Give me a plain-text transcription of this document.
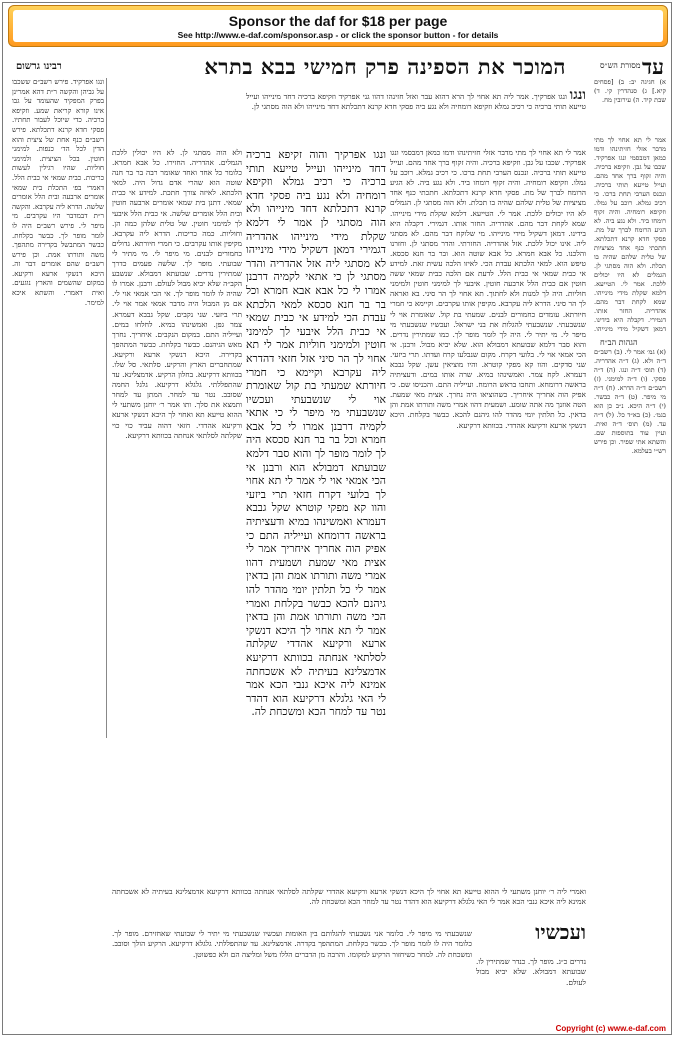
Sponsor the daf for $18 per page
See http://www.e-daf.com/sponsor.asp - or click the sponsor button - for details
עד
המוכר את הספינה פרק חמישי בבא בתרא
רבינו גרשום	מסורת הש״ס

א) חגיגה יב: ב) [פסחים קיא.] ג) סנהדרין קי. ד) שבת קיד. ה) עירובין מח.

אמר לי תא אחוי לך מתי מדבר אזלי חזיתינהו ודמו כמאן דמבסמי ונגו אפרקיד. שכבו על גבן. וזקיפא ברכיה. והיה זקוף ברך אחד מהם. ועייל טייעא תותי ברכיה. ונכנס הערבי תחת ברכו. כי רכיב גמלא. רוכב על גמלו. וזקיפא רומחיה. והיה זקוף רומחו ביד. ולא נגע ביה. לא הגיע הרומח לברך של מת. פסקי חדא קרנא דתכלתא. חתכתי כנף אחד מציציות של טלית שלהם שהיה בו תכלת. ולא הוה מסתגי לן. הגמלים לא היו יכולים ללכת. אמר לי. הטייעא. דלמא שקלת מידי מינייהו. שמא לקחת דבר מהם. אהדריה. החזר אותו. דגמירי. דקבלה היא בידינו. דמאן דשקיל מידי מינייהו.

הגהות הב״ח

(א) גמ׳ אמר לי. (ב) רשב״ם ד״ה ולא. (ג) ד״ה אהדריה. (ד) תוס׳ ד״ה ונגו. (ה) ד״ה פסקי. (ו) ד״ה למימני. (ז) רשב״ם ד״ה הדרא. (ח) ד״ה מי מיפר. (ט) ד״ה כבשר. (י) ד״ה היכא. נ״ב כן הוא בגמ׳. (כ) בא״ד כל. (ל) ד״ה עד. (מ) תוס׳ ד״ה ואית. ועיין עוד בתוספות שם. והשתא אתי שפיר. וכן פירש רש״י בעלמא.

ונגו ונגו אפרקיך. אמר ליה תא אחוי לך הרא דהוא עבר ואזל חזינהו דהוו גני אפרקיד וזקיפא ברכיה דחד מינייהו ועייל טייעא תותי ברכיה כי רכיב גמלא וזקיפא רומחיה ולא נגע ביה פסקי חדא קרנא דתכלתא דחד מינייהו ולא הוה מסתגי לן.

אמר לי תא אחוי לך מתי מדבר אזלי חזיתינהו ודמו כמאן דמבסמי ונגו אפרקיד. שכבו על גבן. וזקיפא ברכיה. והיה זקוף ברך אחד מהם. ועייל טייעא תותי ברכיה. ונכנס הערבי תחת ברכו. כי רכיב גמלא. רוכב על גמלו. וזקיפא רומחיה. והיה זקוף רומחו ביד. ולא נגע ביה. לא הגיע הרומח לברך של מת. פסקי חדא קרנא דתכלתא. חתכתי כנף אחד מציציות של טלית שלהם שהיה בו תכלת. ולא הוה מסתגי לן. הגמלים לא היו יכולים ללכת. אמר לי. הטייעא. דלמא שקלת מידי מינייהו. שמא לקחת דבר מהם. אהדריה. החזר אותו. דגמירי. דקבלה היא בידינו. דמאן דשקיל מידי מינייהו. מי שלוקח דבר מהם. לא מסתגי ליה. אינו יכול ללכת. אזל אהדריה. החזרתי. והדר מסתגי לן. וחזרנו והלכנו. כל אבא חמרא. כל אבא שוטה הוא. ובר בר חנא סכסא. טיפש הוא. למאי הלכתא עבדת הכי. לאיזו הלכה עשית זאת. למידע אי כבית שמאי אי כבית הלל. לדעת אם הלכה כבית שמאי ששה חוטין אם כבית הלל ארבעה חוטין. איבעי לך למימני חוטין ולמימני חוליות. היה לך למנות ולא לחתוך. תא אחוי לך הר סיני. בא ואראה לך הר סיני. הדרא ליה עקרבא. מקיפין אותו עקרבים. וקיימא כי חמרי חיורתא. עומדים כחמורים לבנים. שמעתי בת קול. שאומרת אוי לי שנשבעתי. שנשבעתי להגלות את בני ישראל. ועכשיו שנשבעתי מי מיפר לי. מי יתיר לי. היה לך לומר מופר לך. כמו שמתירין נדרים. והוא סבר דלמא שבועתא דמבולא הוא. שלא יביא מבול. ורבנן. אי הכי אמאי אוי לי. בלועי דקרח. מקום שנבלעו קרח ועדתו. תרי ביזעי. שני סדקים. והוו קא מפקי קוטרא. והיו מוציאין עשן. שקל גבבא דעמרא. לקח צמר. ואמשינהו במיא. שרה אותו במים. ודעציתיה בראשה דרומחא. ותחבו בראש הרומח. ועייליה התם. והכניסו שם. כי אפיק הוה אחריך איחריך. כשהוציאו היה נחרך. אצית מאי שמעת. הטה אוזנך מה אתה שומע. ושמעית דהוו אמרי משה ותורתו אמת והן בדאין. כל תלתין יומי מהדר להו גיהנם להכא. כבשר בקלחת. היכא דנשקי ארעא ורקיעא אהדדי. בכוותא דרקיעא.

ונגו אפרקיך והוה זקיפא ברכיה דחד מינייהו ועייל טייעא תותי ברכיה כי רכיב גמלא וזקיפא רומחיה ולא נגע ביה פסקי חדא קרנא דתכלתא דחד מינייהו ולא הוה מסתגי לן אמר לי דלמא שקלת מידי מינייהו אהדריה דגמירי דמאן דשקיל מידי מינייהו לא מסתגי ליה אזל אהדריה והדר מסתגי לן כי אתאי לקמיה דרבנן אמרו לי כל אבא אבא חמרא וכל בר בר חנא סכסא למאי הלכתא עבדת הכי למידע אי כבית שמאי אי כבית הלל איבעי לך למימני חוטין ולמימני חוליות אמר לי תא אחוי לך הר סיני אזל חזאי דהדרא ליה עקרבא וקיימא כי חמרי חיורתא שמעתי בת קול שאומרת אוי לי שנשבעתי ועכשיו שנשבעתי מי מיפר לי כי אתאי לקמיה דרבנן אמרו לי כל אבא חמרא וכל בר בר חנא סכסא היה לך לומר מופר לך והוא סבר דלמא שבועתא דמבולא הוא ורבנן אי הכי אמאי אוי לי אמר לי תא אחוי לך בלועי דקרח חזאי תרי ביזעי והוו קא מפקי קוטרא שקל גבבא דעמרא ואמשינהו במיא ודעציתיה בראשה דרומחא ועייליה התם כי אפיק הוה אחריך איחריך אמר לי אצית מאי שמעת ושמעית דהוו אמרי משה ותורתו אמת והן בדאין אמר לי כל תלתין יומי מהדר להו גיהנם להכא כבשר בקלחת ואמרי הכי משה ותורתו אמת והן בדאין אמר לי תא אחוי לך היכא דנשקי ארעא ורקיעא אהדדי שקלתה לסלתאי אנחתה בכוותא דרקיעא אדמצלינא בעיתיה לא אשכחתה אמינא ליה איכא גנבי הכא אמר לי האי גלגלא דרקיעא הוא דהדר נטר עד למחר הכא ומשכחת לה.

ולא הוה מסתגי לן. לא היו יכולין ללכת הגמלים. אהדריה. החזירו. כל אבא חמרא. כלומר כל אחד ואחד שאומר רבה בר בר חנה שוטה הוא שהרי אדם גדול היה. למאי הלכתא. לאיזה צורך חתכת. למידע אי כבית שמאי. דתנן בית שמאי אומרים ארבעה חוטין ובית הלל אומרים שלשה. אי כבית הלל איבעי לך למימני חוטין. של טלית שלהן כמה הן. וחוליות. כמה כריכות. הדרא ליה עקרבא. מקיפין אותו עקרבים. כי חמרי חיורתא. גדולים כחמורים לבנים. מי מיפר לי. מי מתיר לי שבועתי. מופר לך. שלשה פעמים כדרך שמתירין נדרים. שבועתא דמבולא. שנשבע הקב״ה שלא יביא מבול לעולם. ורבנן. אמרו לו שהיה לו לומר מופר לך. אי הכי אמאי אוי לי. אם מן המבול היה מדבר אמאי אמר אוי לי. תרי ביזעי. שני נקבים. שקל גבבא דעמרא. צמר גפן. ואמשינהו במיא. לחלחו במים. ועייליה התם. במקום הנקבים. איחריך. נחרך מאש הגיהנם. כבשר בקלחת. כבשר המתהפך בקדירה. היכא דנשקי ארעא ורקיעא. שמתחברים הארץ והרקיע. סלתאי. סל שלו. בכוותא דרקיעא. בחלון הרקיע. אדמצלינא. עד שהתפללתי. גלגלא דרקיעא. גלגל החמה שסובב. נטר עד למחר. המתן עד למחר ותמצא את סלך. ותו אמר ר׳ יוחנן משתעי לי ההוא טייעא תא ואחוי לך היכא דנשקי ארעא ורקיעא אהדדי. חזאי דהוה עביד כוי כוי שקלתה לסלתאי אנחתה בכוותא דרקיעא.

ונגו אפרקיד. פירש רשב״ם ששכבו על גביהן והקשה ר״ת דהא אמרינן בפרק המפקיד שהעומד על גבו אינו קורא קריאת שמע. וזקיפא ברכיה. כדי שיוכל לעבור תחתיו. פסקי חדא קרנא דתכלתא. פירש רשב״ם כנף אחת של ציצית והוא הדין לכל הד׳ כנפות. למימני חוטין. בכל הציצית. ולמימני חוליות. שהיו רגילין לעשות כריכות. כבית שמאי אי כבית הלל. דאמרי בפ׳ התכלת בית שמאי אומרים ארבעה ובית הלל אומרים שלשה. הדרא ליה עקרבא. והקשה ר״ת דבמדבר היו עקרבים. מי מיפר לי. פירש רשב״ם היה לו לומר מופר לך. כבשר בקלחת. כבשר המתבשל בקדירה מתהפך. משה ותורתו אמת. וכן פירש רשב״ם שהם אומרים דבר זה. היכא דנשקי ארעא ורקיעא. במקום שהשמים והארץ נוגעים. ואית דאמרי. והשתא איכא למימר.

ואמרי ליה ר׳ יוחנן משתעי לי ההוא טייעא תא אחוי לך היכא דנשקי ארעא ורקיעא אהדדי שקלתה לסלתאי אנחתה בכוותא דרקיעא אדמצלינא בעיתיה לא אשכחתה אמינא ליה איכא גנבי הכא אמר לי האי גלגלא דרקיעא הוא דהדר נטר עד למחר הכא ומשכחת לה.

ועכשיו

שנשבעתי מי מיפר לי. כלומר אני נשבעתי להגלותם בין האומות ועכשיו שנשבעתי מי יתיר לי שבועתי שאחזירם. מופר לך. כלומר היה לו לומר מופר לך. כבשר בקלחת. המתהפך בקדרה. אדמצלינא. עד שהתפללתי. גלגלא דרקיעא. הרקיע הולך וסובב. ומשכחת לה. למחר כשיחזור הרקיע למקומו. והרבה מן הדברים הללו משל ומליצה הם ולא כפשוטן.

נדרים כ״ג. מופר לך. כנדר שמתירין לו. שבועתא דמבולא. שלא יביא מבול לעולם.

Copyright (c) www.e-daf.com
